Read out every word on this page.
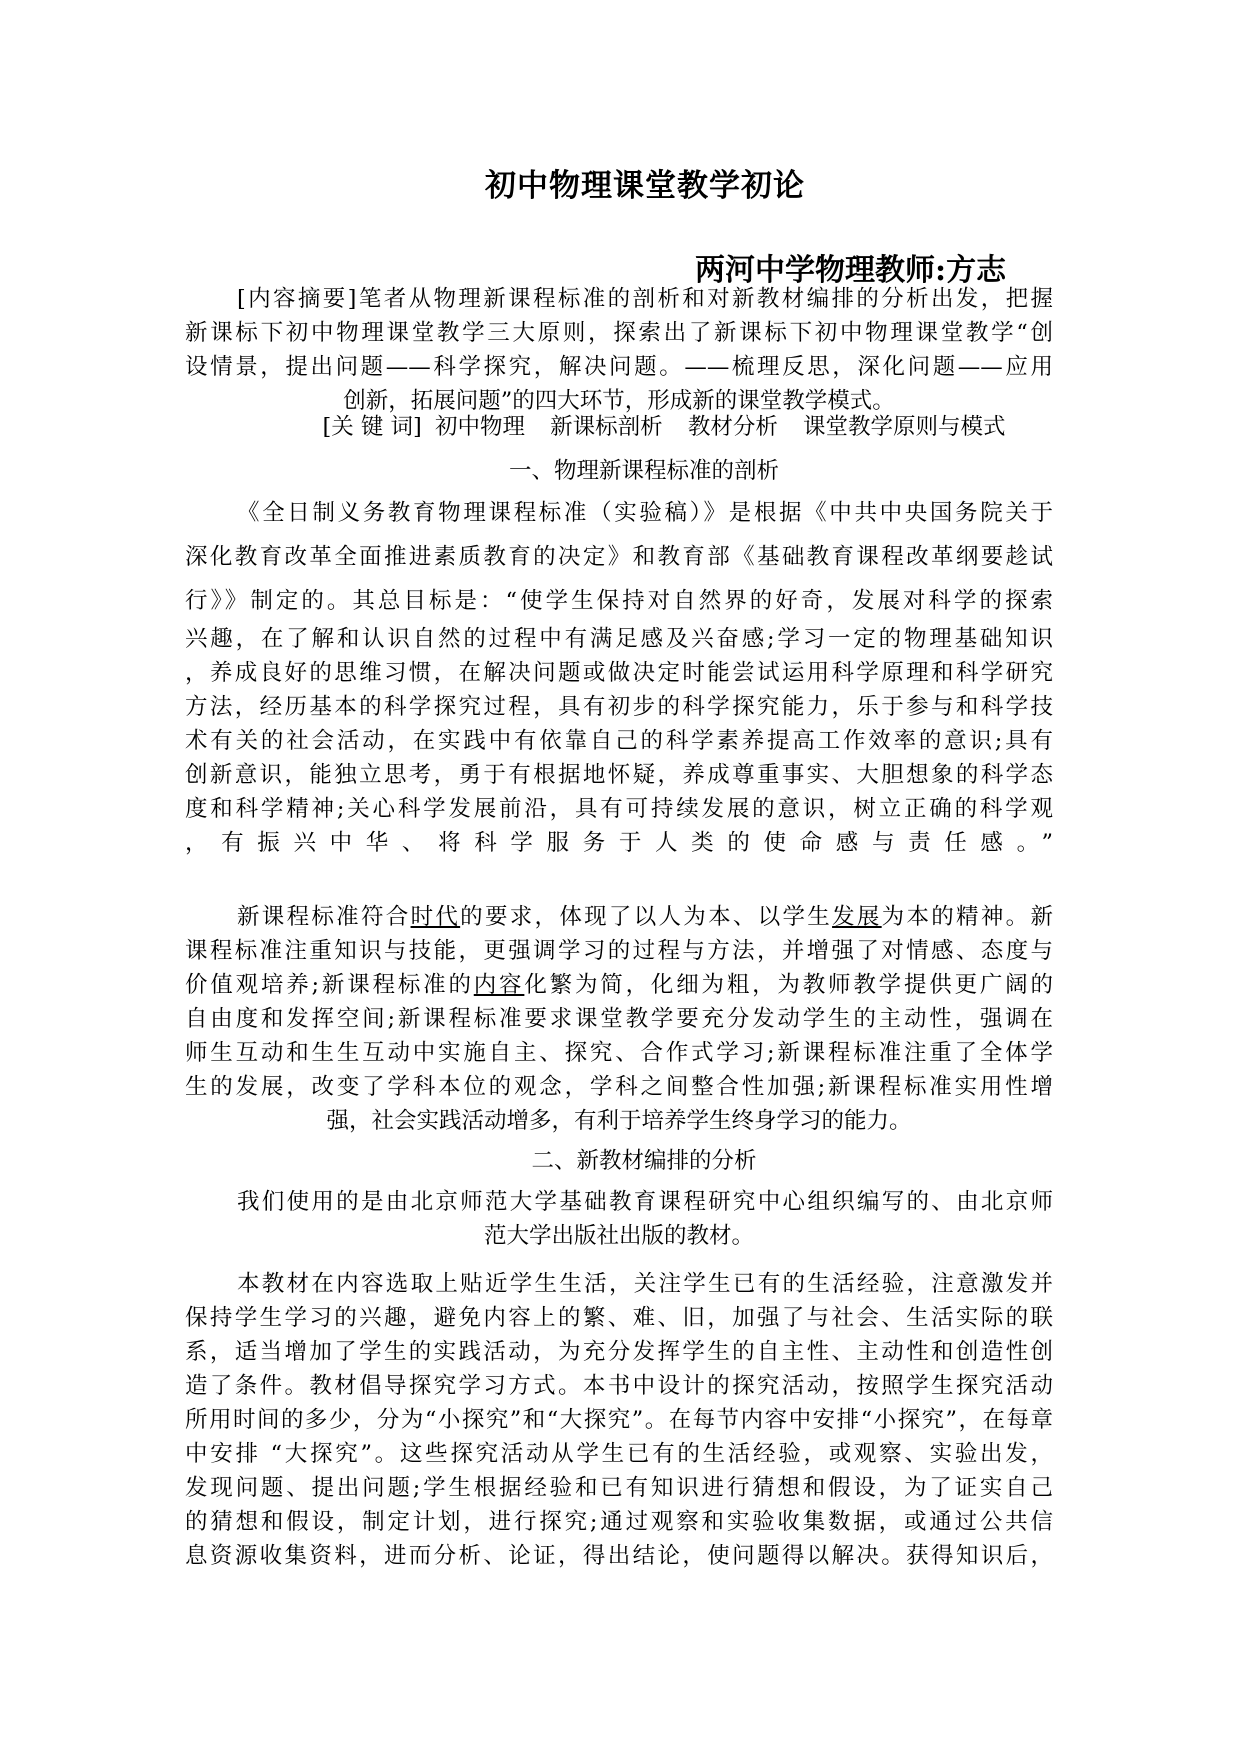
初中物理课堂教学初论
两河中学物理教师:方志
[内容摘要]笔者从物理新课程标准的剖析和对新教材编排的分析出发，把握
新课标下初中物理课堂教学三大原则，探索出了新课标下初中物理课堂教学“创
设情景，提出问题——科学探究，解决问题。——梳理反思，深化问题——应用
创新，拓展问题”的四大环节，形成新的课堂教学模式。
[关 键 词] 初中物理 新课标剖析 教材分析 课堂教学原则与模式
一、物理新课程标准的剖析
《全日制义务教育物理课程标准（实验稿）》是根据《中共中央国务院关于
深化教育改革全面推进素质教育的决定》和教育部《基础教育课程改革纲要趁试
行》》制定的。其总目标是：“使学生保持对自然界的好奇，发展对科学的探索
兴趣，在了解和认识自然的过程中有满足感及兴奋感;学习一定的物理基础知识
，养成良好的思维习惯，在解决问题或做决定时能尝试运用科学原理和科学研究
方法，经历基本的科学探究过程，具有初步的科学探究能力，乐于参与和科学技
术有关的社会活动，在实践中有依靠自己的科学素养提高工作效率的意识;具有
创新意识，能独立思考，勇于有根据地怀疑，养成尊重事实、大胆想象的科学态
度和科学精神;关心科学发展前沿，具有可持续发展的意识，树立正确的科学观
，有振兴中华、将科学服务于人类的使命感与责任感。”
新课程标准符合时代的要求，体现了以人为本、以学生发展为本的精神。新
课程标准注重知识与技能，更强调学习的过程与方法，并增强了对情感、态度与
价值观培养;新课程标准的内容化繁为简，化细为粗，为教师教学提供更广阔的
自由度和发挥空间;新课程标准要求课堂教学要充分发动学生的主动性，强调在
师生互动和生生互动中实施自主、探究、合作式学习;新课程标准注重了全体学
生的发展，改变了学科本位的观念，学科之间整合性加强;新课程标准实用性增
强，社会实践活动增多，有利于培养学生终身学习的能力。
二、新教材编排的分析
我们使用的是由北京师范大学基础教育课程研究中心组织编写的、由北京师
范大学出版社出版的教材。
本教材在内容选取上贴近学生生活，关注学生已有的生活经验，注意激发并
保持学生学习的兴趣，避免内容上的繁、难、旧，加强了与社会、生活实际的联
系，适当增加了学生的实践活动，为充分发挥学生的自主性、主动性和创造性创
造了条件。教材倡导探究学习方式。本书中设计的探究活动，按照学生探究活动
所用时间的多少，分为“小探究”和“大探究”。在每节内容中安排“小探究”，在每章
中安排 “大探究”。这些探究活动从学生已有的生活经验，或观察、实验出发，
发现问题、提出问题;学生根据经验和已有知识进行猜想和假设，为了证实自己
的猜想和假设，制定计划，进行探究;通过观察和实验收集数据，或通过公共信
息资源收集资料，进而分析、论证，得出结论，使问题得以解决。获得知识后，
